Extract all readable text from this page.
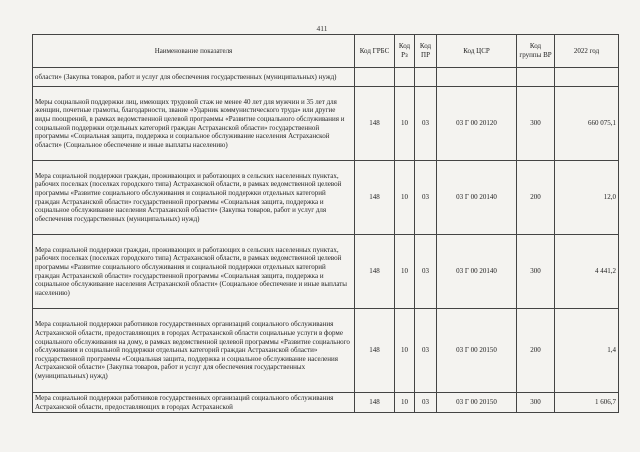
411
Наименование показателя	Код ГРБС	Код Рз	Код ПР	Код ЦСР	Код группы ВР	2022 год
области» (Закупка товаров, работ и услуг для обеспечения государственных (муниципальных) нужд)						
Меры социальной поддержки лиц, имеющих трудовой стаж не менее 40 лет для мужчин и 35 лет для женщин, почетные грамоты, благодарности, звание «Ударник коммунистического труда» или другие виды поощрений, в рамках ведомственной целевой программы «Развитие социального обслуживания и социальной поддержки отдельных категорий граждан Астраханской области» государственной программы «Социальная защита, поддержка и социальное обслуживание населения Астраханской области» (Социальное обеспечение и иные выплаты населению)	148	10	03	03 Г 00 20120	300	660 075,1
Мера социальной поддержки граждан, проживающих и работающих в сельских населенных пунктах, рабочих поселках (поселках городского типа) Астраханской области, в рамках ведомственной целевой программы «Развитие социального обслуживания и социальной поддержки отдельных категорий граждан Астраханской области» государственной программы «Социальная защита, поддержка и социальное обслуживание населения Астраханской области» (Закупка товаров, работ и услуг для обеспечения государственных (муниципальных) нужд)	148	10	03	03 Г 00 20140	200	12,0
Мера социальной поддержки граждан, проживающих и работающих в сельских населенных пунктах, рабочих поселках (поселках городского типа) Астраханской области, в рамках ведомственной целевой программы «Развитие социального обслуживания и социальной поддержки отдельных категорий граждан Астраханской области» государственной программы «Социальная защита, поддержка и социальное обслуживание населения Астраханской области» (Социальное обеспечение и иные выплаты населению)	148	10	03	03 Г 00 20140	300	4 441,2
Мера социальной поддержки работников государственных организаций социального обслуживания Астраханской области, предоставляющих в городах Астраханской области социальные услуги в форме социального обслуживания на дому, в рамках ведомственной целевой программы «Развитие социального обслуживания и социальной поддержки отдельных категорий граждан Астраханской области» государственной программы «Социальная защита, поддержка и социальное обслуживание населения Астраханской области» (Закупка товаров, работ и услуг для обеспечения государственных (муниципальных) нужд)	148	10	03	03 Г 00 20150	200	1,4
Мера социальной поддержки работников государственных организаций социального обслуживания Астраханской области, предоставляющих в городах Астраханской	148	10	03	03 Г 00 20150	300	1 606,7
